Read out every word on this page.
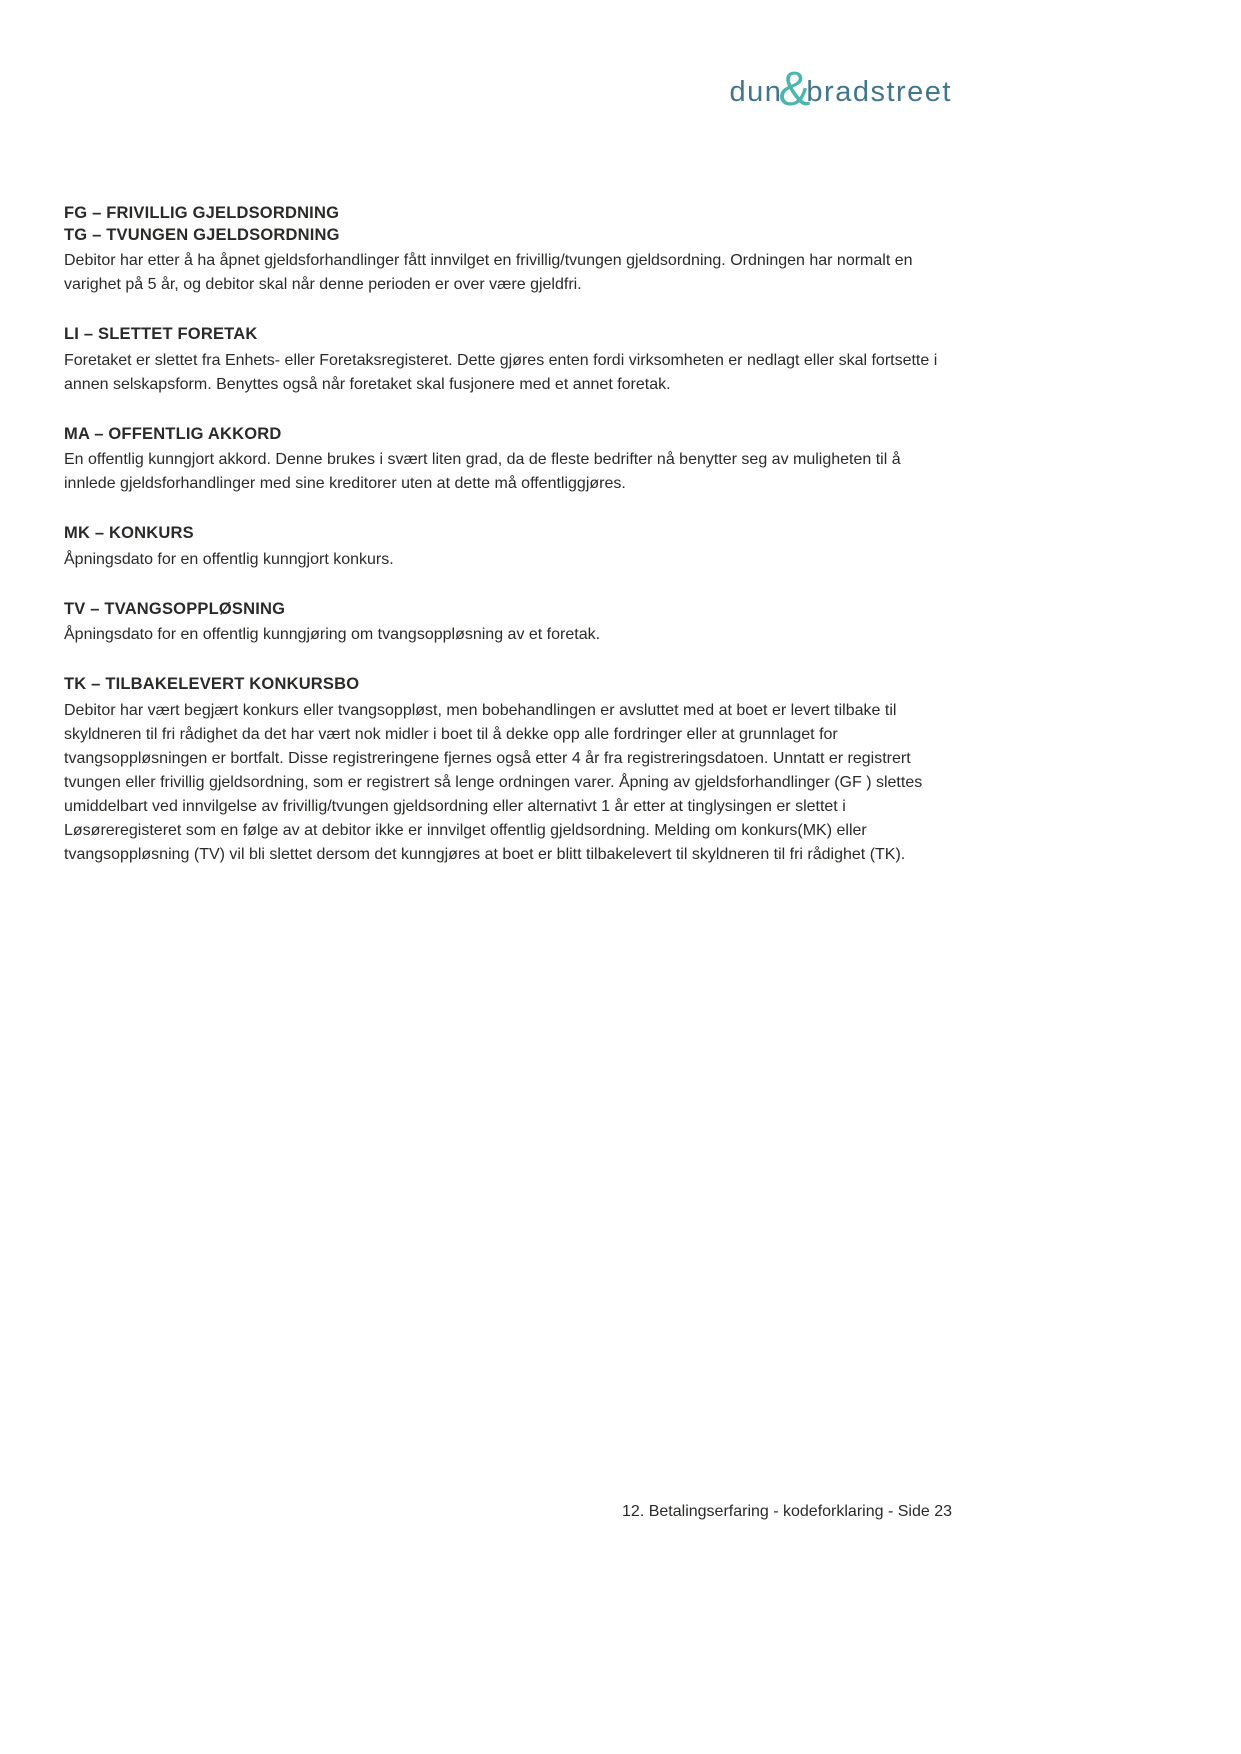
dun
&
bradstreet
FG – FRIVILLIG GJELDSORDNING
TG – TVUNGEN GJELDSORDNING

Debitor har etter å ha åpnet gjeldsforhandlinger fått innvilget en frivillig/tvungen gjeldsordning. Ordningen har normalt en varighet på 5 år, og debitor skal når denne perioden er over være gjeldfri.

LI – SLETTET FORETAK

Foretaket er slettet fra Enhets- eller Foretaksregisteret. Dette gjøres enten fordi virksomheten er nedlagt eller skal fortsette i annen selskapsform. Benyttes også når foretaket skal fusjonere med et annet foretak.

MA – OFFENTLIG AKKORD

En offentlig kunngjort akkord. Denne brukes i svært liten grad, da de fleste bedrifter nå benytter seg av muligheten til å innlede gjeldsforhandlinger med sine kreditorer uten at dette må offentliggjøres.

MK – KONKURS

Åpningsdato for en offentlig kunngjort konkurs.

TV – TVANGSOPPLØSNING

Åpningsdato for en offentlig kunngjøring om tvangsoppløsning av et foretak.

TK – TILBAKELEVERT KONKURSBO

Debitor har vært begjært konkurs eller tvangsoppløst, men bobehandlingen er avsluttet med at boet er levert tilbake til skyldneren til fri rådighet da det har vært nok midler i boet til å dekke opp alle fordringer eller at grunnlaget for tvangsoppløsningen er bortfalt. Disse registreringene fjernes også etter 4 år fra registreringsdatoen. Unntatt er registrert tvungen eller frivillig gjeldsordning, som er registrert så lenge ordningen varer. Åpning av gjeldsforhandlinger (GF ) slettes umiddelbart ved innvilgelse av frivillig/tvungen gjeldsordning eller alternativt 1 år etter at tinglysingen er slettet i Løsøreregisteret som en følge av at debitor ikke er innvilget offentlig gjeldsordning. Melding om konkurs(MK) eller tvangsoppløsning (TV) vil bli slettet dersom det kunngjøres at boet er blitt tilbakelevert til skyldneren til fri rådighet (TK).

12. Betalingserfaring - kodeforklaring - Side 23
